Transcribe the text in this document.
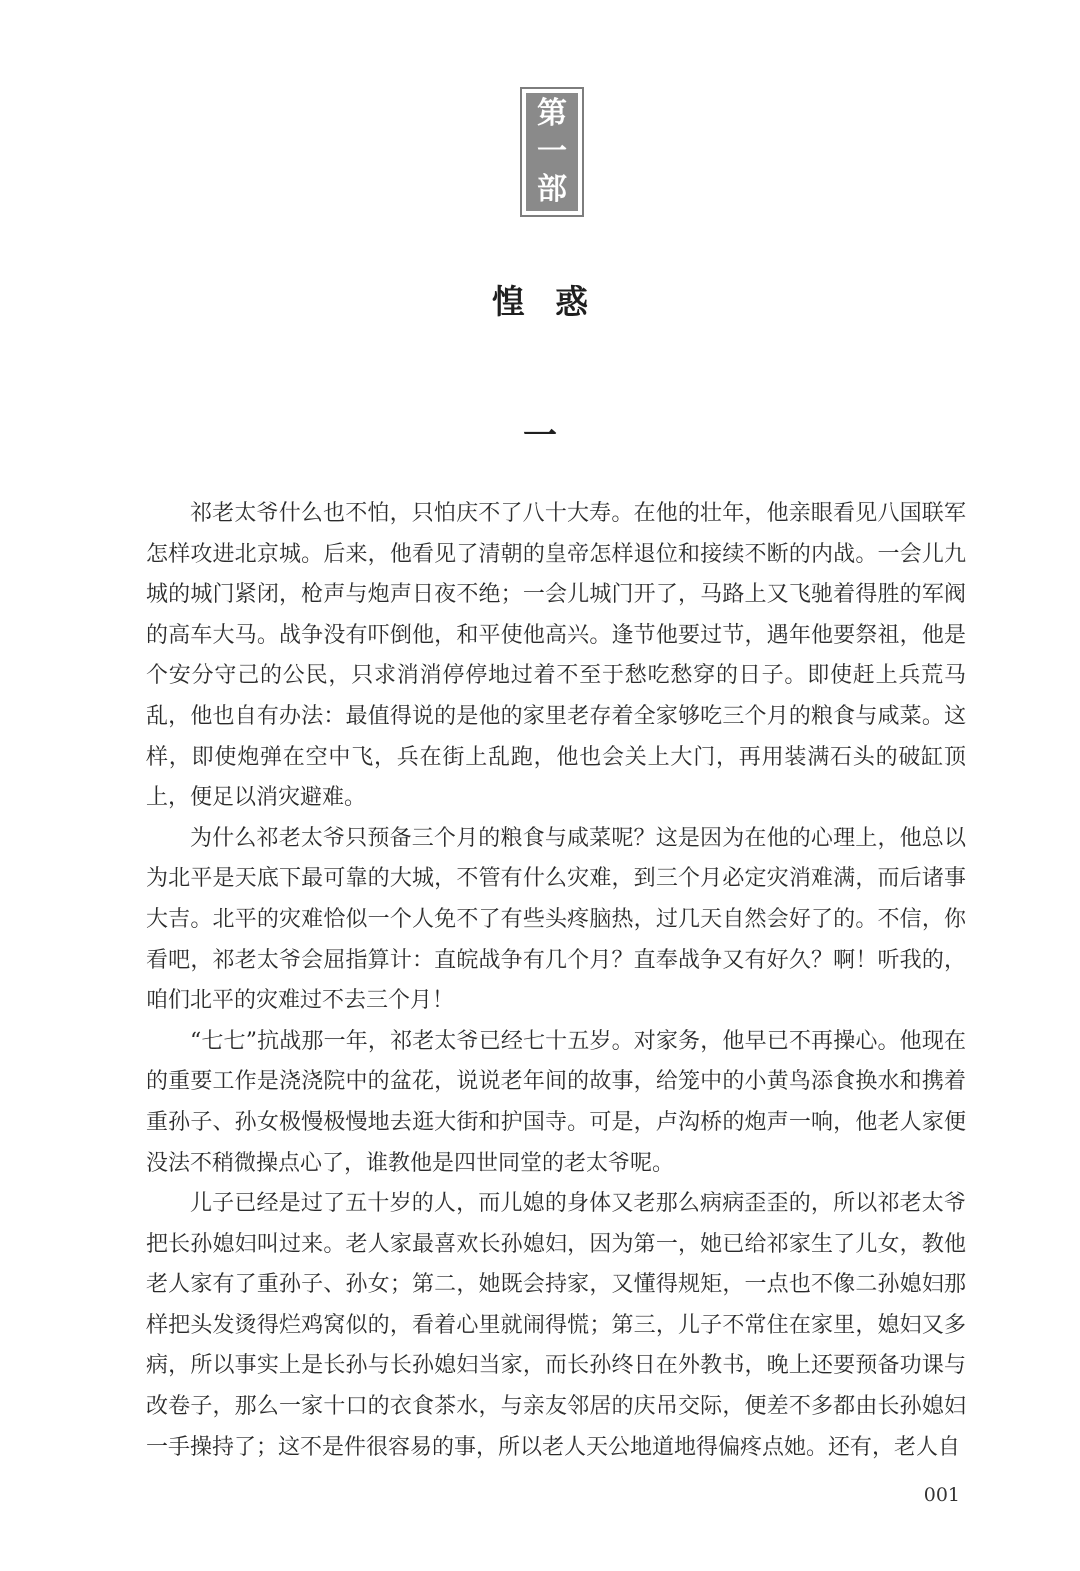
第
一
部
惶惑
一

祁老太爷什么也不怕，只怕庆不了八十大寿。在他的壮年，他亲眼看见八国联军怎样攻进北京城。后来，他看见了清朝的皇帝怎样退位和接续不断的内战。一会儿九城的城门紧闭，枪声与炮声日夜不绝；一会儿城门开了，马路上又飞驰着得胜的军阀的高车大马。战争没有吓倒他，和平使他高兴。逢节他要过节，遇年他要祭祖，他是个安分守己的公民，只求消消停停地过着不至于愁吃愁穿的日子。即使赶上兵荒马乱，他也自有办法：最值得说的是他的家里老存着全家够吃三个月的粮食与咸菜。这样，即使炮弹在空中飞，兵在街上乱跑，他也会关上大门，再用装满石头的破缸顶上，便足以消灾避难。

为什么祁老太爷只预备三个月的粮食与咸菜呢？这是因为在他的心理上，他总以为北平是天底下最可靠的大城，不管有什么灾难，到三个月必定灾消难满，而后诸事大吉。北平的灾难恰似一个人免不了有些头疼脑热，过几天自然会好了的。不信，你看吧，祁老太爷会屈指算计：直皖战争有几个月？直奉战争又有好久？啊！听我的，咱们北平的灾难过不去三个月！

“七七”抗战那一年，祁老太爷已经七十五岁。对家务，他早已不再操心。他现在的重要工作是浇浇院中的盆花，说说老年间的故事，给笼中的小黄鸟添食换水和携着重孙子、孙女极慢极慢地去逛大街和护国寺。可是，卢沟桥的炮声一响，他老人家便没法不稍微操点心了，谁教他是四世同堂的老太爷呢。

儿子已经是过了五十岁的人，而儿媳的身体又老那么病病歪歪的，所以祁老太爷把长孙媳妇叫过来。老人家最喜欢长孙媳妇，因为第一，她已给祁家生了儿女，教他老人家有了重孙子、孙女；第二，她既会持家，又懂得规矩，一点也不像二孙媳妇那样把头发烫得烂鸡窝似的，看着心里就闹得慌；第三，儿子不常住在家里，媳妇又多病，所以事实上是长孙与长孙媳妇当家，而长孙终日在外教书，晚上还要预备功课与改卷子，那么一家十口的衣食茶水，与亲友邻居的庆吊交际，便差不多都由长孙媳妇一手操持了；这不是件很容易的事，所以老人天公地道地得偏疼点她。还有，老人自

001
